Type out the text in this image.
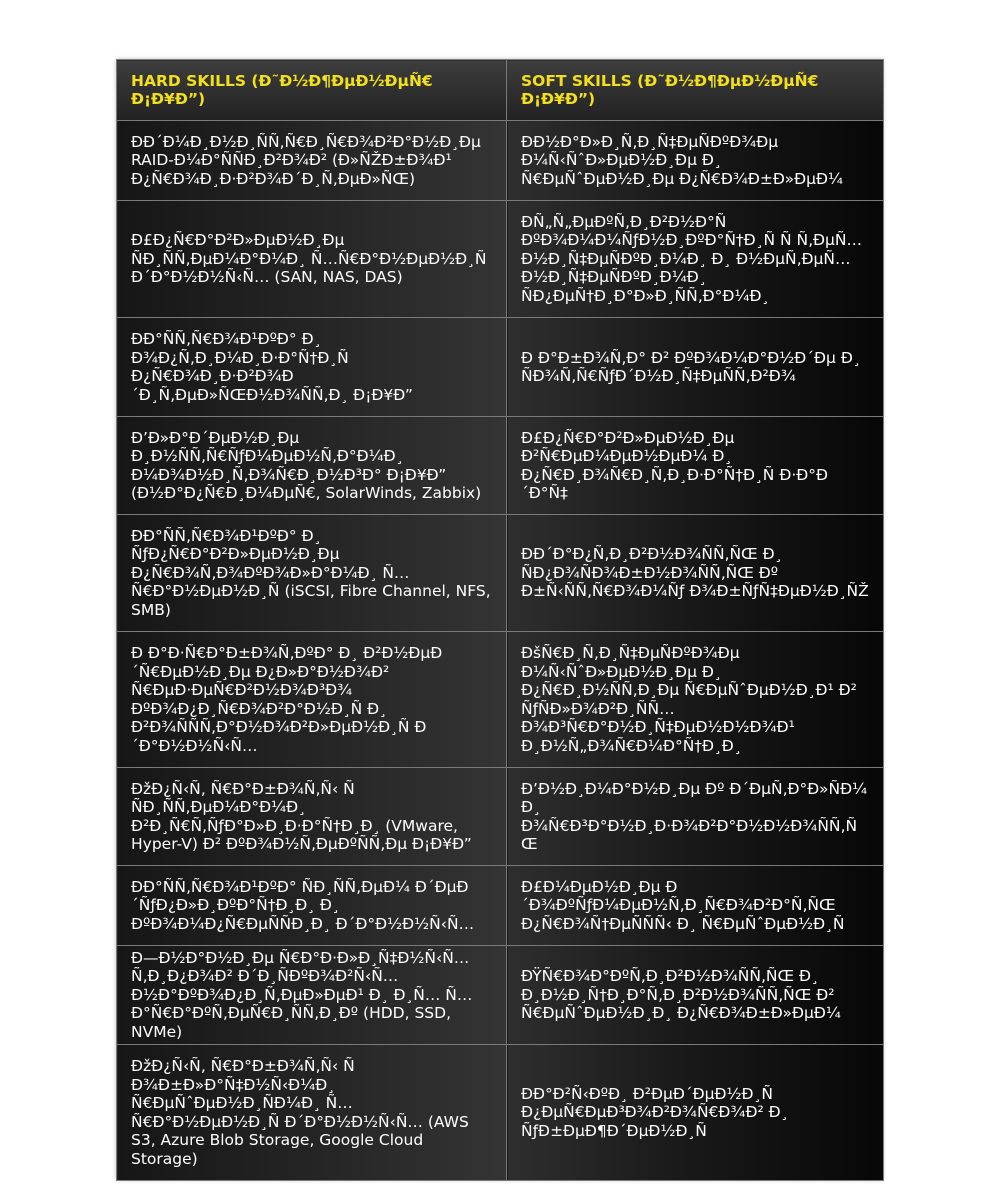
HARD SKILLS (Ð˜Ð½Ð¶ÐµÐ½ÐµÑ€ Ð¡Ð¥Ð”)	SOFT SKILLS (Ð˜Ð½Ð¶ÐµÐ½ÐµÑ€ Ð¡Ð¥Ð”)
ÐÐ´Ð¼Ð¸Ð½Ð¸ÑÑ‚Ñ€Ð¸Ñ€Ð¾Ð²Ð°Ð½Ð¸Ðµ RAID-Ð¼Ð°ÑÑÐ¸Ð²Ð¾Ð² (Ð»ÑŽÐ±Ð¾Ð¹ Ð¿Ñ€Ð¾Ð¸Ð·Ð²Ð¾Ð´Ð¸Ñ‚ÐµÐ»ÑŒ)	ÐÐ½Ð°Ð»Ð¸Ñ‚Ð¸Ñ‡ÐµÑÐºÐ¾Ðµ Ð¼Ñ‹ÑˆÐ»ÐµÐ½Ð¸Ðµ Ð¸ Ñ€ÐµÑˆÐµÐ½Ð¸Ðµ Ð¿Ñ€Ð¾Ð±Ð»ÐµÐ¼
Ð£Ð¿Ñ€Ð°Ð²Ð»ÐµÐ½Ð¸Ðµ ÑÐ¸ÑÑ‚ÐµÐ¼Ð°Ð¼Ð¸ Ñ…Ñ€Ð°Ð½ÐµÐ½Ð¸Ñ Ð´Ð°Ð½Ð½Ñ‹Ñ… (SAN, NAS, DAS)	ÐÑ„Ñ„ÐµÐºÑ‚Ð¸Ð²Ð½Ð°Ñ ÐºÐ¾Ð¼Ð¼ÑƒÐ½Ð¸ÐºÐ°Ñ†Ð¸Ñ Ñ Ñ‚ÐµÑ…Ð½Ð¸Ñ‡ÐµÑÐºÐ¸Ð¼Ð¸ Ð¸ Ð½ÐµÑ‚ÐµÑ…Ð½Ð¸Ñ‡ÐµÑÐºÐ¸Ð¼Ð¸ ÑÐ¿ÐµÑ†Ð¸Ð°Ð»Ð¸ÑÑ‚Ð°Ð¼Ð¸
ÐÐ°ÑÑ‚Ñ€Ð¾Ð¹ÐºÐ° Ð¸ Ð¾Ð¿Ñ‚Ð¸Ð¼Ð¸Ð·Ð°Ñ†Ð¸Ñ Ð¿Ñ€Ð¾Ð¸Ð·Ð²Ð¾Ð´Ð¸Ñ‚ÐµÐ»ÑŒÐ½Ð¾ÑÑ‚Ð¸ Ð¡Ð¥Ð”	Ð Ð°Ð±Ð¾Ñ‚Ð° Ð² ÐºÐ¾Ð¼Ð°Ð½Ð´Ðµ Ð¸ ÑÐ¾Ñ‚Ñ€ÑƒÐ´Ð½Ð¸Ñ‡ÐµÑÑ‚Ð²Ð¾
Ð’Ð»Ð°Ð´ÐµÐ½Ð¸Ðµ Ð¸Ð½ÑÑ‚Ñ€ÑƒÐ¼ÐµÐ½Ñ‚Ð°Ð¼Ð¸ Ð¼Ð¾Ð½Ð¸Ñ‚Ð¾Ñ€Ð¸Ð½Ð³Ð° Ð¡Ð¥Ð” (Ð½Ð°Ð¿Ñ€Ð¸Ð¼ÐµÑ€, SolarWinds, Zabbix)	Ð£Ð¿Ñ€Ð°Ð²Ð»ÐµÐ½Ð¸Ðµ Ð²Ñ€ÐµÐ¼ÐµÐ½ÐµÐ¼ Ð¸ Ð¿Ñ€Ð¸Ð¾Ñ€Ð¸Ñ‚Ð¸Ð·Ð°Ñ†Ð¸Ñ Ð·Ð°Ð´Ð°Ñ‡
ÐÐ°ÑÑ‚Ñ€Ð¾Ð¹ÐºÐ° Ð¸ ÑƒÐ¿Ñ€Ð°Ð²Ð»ÐµÐ½Ð¸Ðµ Ð¿Ñ€Ð¾Ñ‚Ð¾ÐºÐ¾Ð»Ð°Ð¼Ð¸ Ñ…Ñ€Ð°Ð½ÐµÐ½Ð¸Ñ (iSCSI, Fibre Channel, NFS, SMB)	ÐÐ´Ð°Ð¿Ñ‚Ð¸Ð²Ð½Ð¾ÑÑ‚ÑŒ Ð¸ ÑÐ¿Ð¾ÑÐ¾Ð±Ð½Ð¾ÑÑ‚ÑŒ Ðº Ð±Ñ‹ÑÑ‚Ñ€Ð¾Ð¼Ñƒ Ð¾Ð±ÑƒÑ‡ÐµÐ½Ð¸ÑŽ
Ð Ð°Ð·Ñ€Ð°Ð±Ð¾Ñ‚ÐºÐ° Ð¸ Ð²Ð½ÐµÐ´Ñ€ÐµÐ½Ð¸Ðµ Ð¿Ð»Ð°Ð½Ð¾Ð² Ñ€ÐµÐ·ÐµÑ€Ð²Ð½Ð¾Ð³Ð¾ ÐºÐ¾Ð¿Ð¸Ñ€Ð¾Ð²Ð°Ð½Ð¸Ñ Ð¸ Ð²Ð¾ÑÑÑ‚Ð°Ð½Ð¾Ð²Ð»ÐµÐ½Ð¸Ñ Ð´Ð°Ð½Ð½Ñ‹Ñ…	ÐšÑ€Ð¸Ñ‚Ð¸Ñ‡ÐµÑÐºÐ¾Ðµ Ð¼Ñ‹ÑˆÐ»ÐµÐ½Ð¸Ðµ Ð¸ Ð¿Ñ€Ð¸Ð½ÑÑ‚Ð¸Ðµ Ñ€ÐµÑˆÐµÐ½Ð¸Ð¹ Ð² ÑƒÑÐ»Ð¾Ð²Ð¸ÑÑ… Ð¾Ð³Ñ€Ð°Ð½Ð¸Ñ‡ÐµÐ½Ð½Ð¾Ð¹ Ð¸Ð½Ñ„Ð¾Ñ€Ð¼Ð°Ñ†Ð¸Ð¸
ÐžÐ¿Ñ‹Ñ‚ Ñ€Ð°Ð±Ð¾Ñ‚Ñ‹ Ñ ÑÐ¸ÑÑ‚ÐµÐ¼Ð°Ð¼Ð¸ Ð²Ð¸Ñ€Ñ‚ÑƒÐ°Ð»Ð¸Ð·Ð°Ñ†Ð¸Ð¸ (VMware, Hyper-V) Ð² ÐºÐ¾Ð½Ñ‚ÐµÐºÑÑ‚Ðµ Ð¡Ð¥Ð”	Ð’Ð½Ð¸Ð¼Ð°Ð½Ð¸Ðµ Ðº Ð´ÐµÑ‚Ð°Ð»ÑÐ¼ Ð¸ Ð¾Ñ€Ð³Ð°Ð½Ð¸Ð·Ð¾Ð²Ð°Ð½Ð½Ð¾ÑÑ‚ÑŒ
ÐÐ°ÑÑ‚Ñ€Ð¾Ð¹ÐºÐ° ÑÐ¸ÑÑ‚ÐµÐ¼ Ð´ÐµÐ´ÑƒÐ¿Ð»Ð¸ÐºÐ°Ñ†Ð¸Ð¸ Ð¸ ÐºÐ¾Ð¼Ð¿Ñ€ÐµÑÑÐ¸Ð¸ Ð´Ð°Ð½Ð½Ñ‹Ñ…	Ð£Ð¼ÐµÐ½Ð¸Ðµ Ð´Ð¾ÐºÑƒÐ¼ÐµÐ½Ñ‚Ð¸Ñ€Ð¾Ð²Ð°Ñ‚ÑŒ Ð¿Ñ€Ð¾Ñ†ÐµÑÑÑ‹ Ð¸ Ñ€ÐµÑˆÐµÐ½Ð¸Ñ
Ð—Ð½Ð°Ð½Ð¸Ðµ Ñ€Ð°Ð·Ð»Ð¸Ñ‡Ð½Ñ‹Ñ… Ñ‚Ð¸Ð¿Ð¾Ð² Ð´Ð¸ÑÐºÐ¾Ð²Ñ‹Ñ… Ð½Ð°ÐºÐ¾Ð¿Ð¸Ñ‚ÐµÐ»ÐµÐ¹ Ð¸ Ð¸Ñ… Ñ…Ð°Ñ€Ð°ÐºÑ‚ÐµÑ€Ð¸ÑÑ‚Ð¸Ðº (HDD, SSD, NVMe)	ÐŸÑ€Ð¾Ð°ÐºÑ‚Ð¸Ð²Ð½Ð¾ÑÑ‚ÑŒ Ð¸ Ð¸Ð½Ð¸Ñ†Ð¸Ð°Ñ‚Ð¸Ð²Ð½Ð¾ÑÑ‚ÑŒ Ð² Ñ€ÐµÑˆÐµÐ½Ð¸Ð¸ Ð¿Ñ€Ð¾Ð±Ð»ÐµÐ¼
ÐžÐ¿Ñ‹Ñ‚ Ñ€Ð°Ð±Ð¾Ñ‚Ñ‹ Ñ Ð¾Ð±Ð»Ð°Ñ‡Ð½Ñ‹Ð¼Ð¸ Ñ€ÐµÑˆÐµÐ½Ð¸ÑÐ¼Ð¸ Ñ…Ñ€Ð°Ð½ÐµÐ½Ð¸Ñ Ð´Ð°Ð½Ð½Ñ‹Ñ… (AWS S3, Azure Blob Storage, Google Cloud Storage)	ÐÐ°Ð²Ñ‹ÐºÐ¸ Ð²ÐµÐ´ÐµÐ½Ð¸Ñ Ð¿ÐµÑ€ÐµÐ³Ð¾Ð²Ð¾Ñ€Ð¾Ð² Ð¸ ÑƒÐ±ÐµÐ¶Ð´ÐµÐ½Ð¸Ñ
